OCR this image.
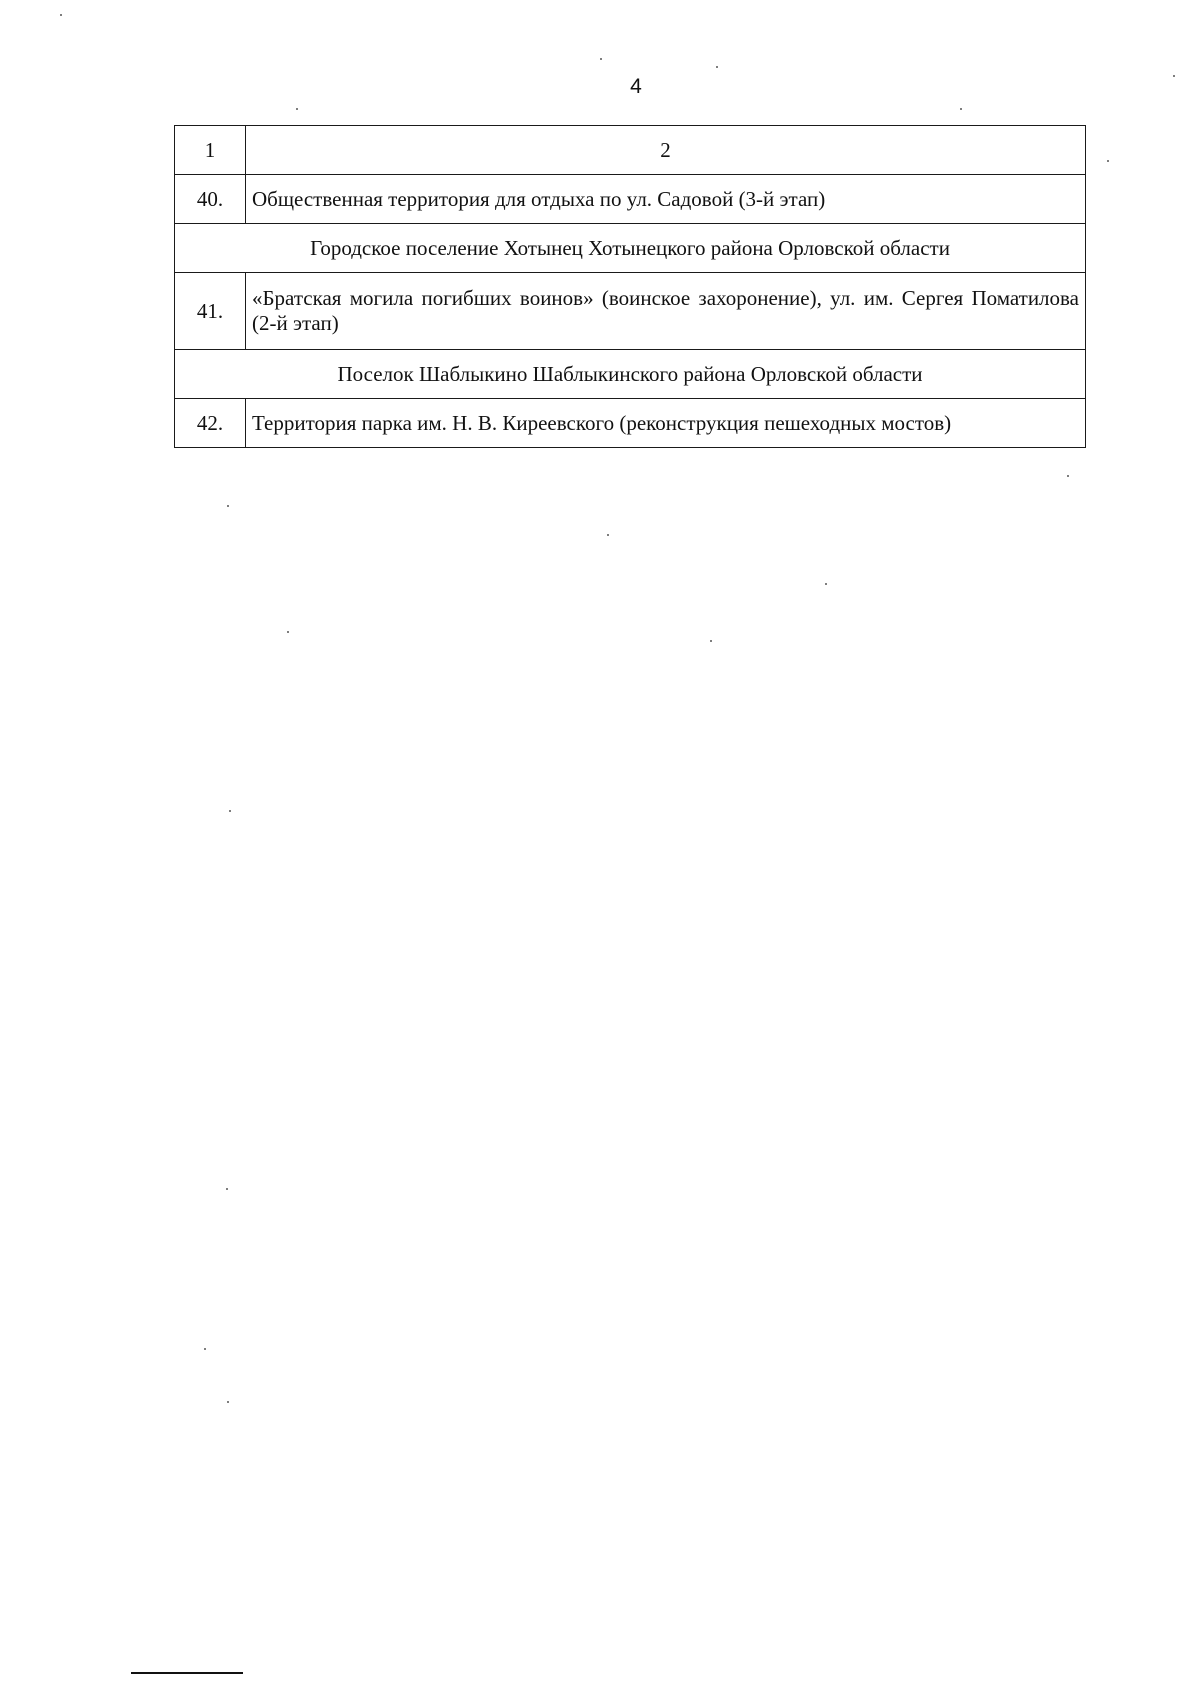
4
1	2
40.	Общественная территория для отдыха по ул. Садовой (3-й этап)
Городское поселение Хотынец Хотынецкого района Орловской области	
41.	«Братская могила погибших воинов» (воинское захоронение), ул. им. Сергея Поматилова (2-й этап)
Поселок Шаблыкино Шаблыкинского района Орловской области	
42.	Территория парка им. Н. В. Киреевского (реконструкция пешеходных мостов)
